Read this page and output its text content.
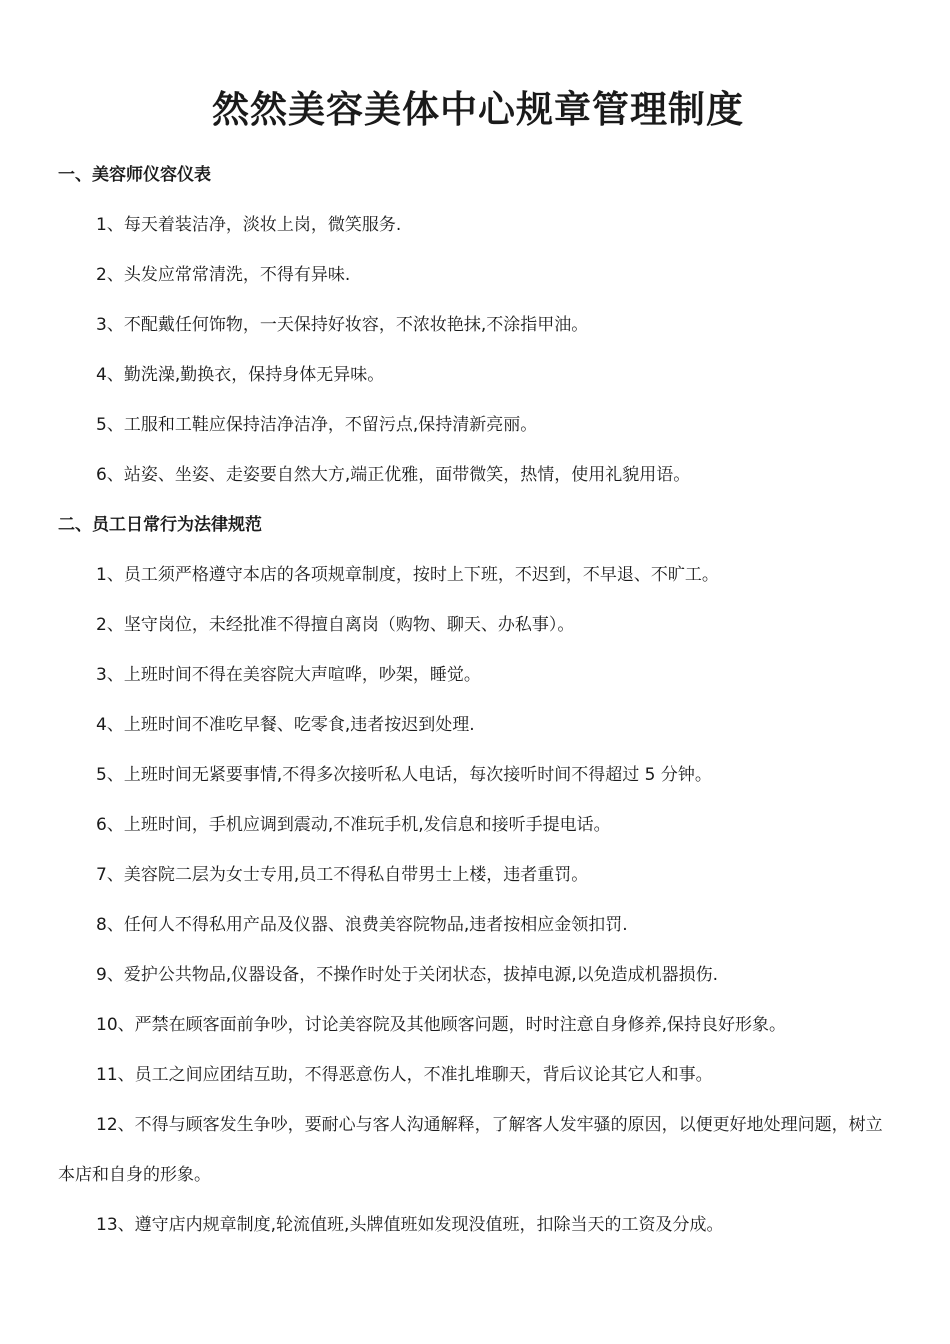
然然美容美体中心规章管理制度
一、美容师仪容仪表
1、每天着装洁净，淡妆上岗，微笑服务.
2、头发应常常清洗，不得有异味.
3、不配戴任何饰物，一天保持好妆容，不浓妆艳抹,不涂指甲油。
4、勤洗澡,勤换衣，保持身体无异味。
5、工服和工鞋应保持洁净洁净，不留污点,保持清新亮丽。
6、站姿、坐姿、走姿要自然大方,端正优雅，面带微笑，热情，使用礼貌用语。
二、员工日常行为法律规范
1、员工须严格遵守本店的各项规章制度，按时上下班，不迟到，不早退、不旷工。
2、坚守岗位，未经批准不得擅自离岗（购物、聊天、办私事）。
3、上班时间不得在美容院大声喧哗，吵架，睡觉。
4、上班时间不准吃早餐、吃零食,违者按迟到处理.
5、上班时间无紧要事情,不得多次接听私人电话，每次接听时间不得超过 5 分钟。
6、上班时间，手机应调到震动,不准玩手机,发信息和接听手提电话。
7、美容院二层为女士专用,员工不得私自带男士上楼，违者重罚。
8、任何人不得私用产品及仪器、浪费美容院物品,违者按相应金领扣罚.
9、爱护公共物品,仪器设备，不操作时处于关闭状态，拔掉电源,以免造成机器损伤.
10、严禁在顾客面前争吵，讨论美容院及其他顾客问题，时时注意自身修养,保持良好形象。
11、员工之间应团结互助，不得恶意伤人，不准扎堆聊天，背后议论其它人和事。
12、不得与顾客发生争吵，要耐心与客人沟通解释，了解客人发牢骚的原因，以便更好地处理问题，树立本店和自身的形象。
13、遵守店内规章制度,轮流值班,头牌值班如发现没值班，扣除当天的工资及分成。
